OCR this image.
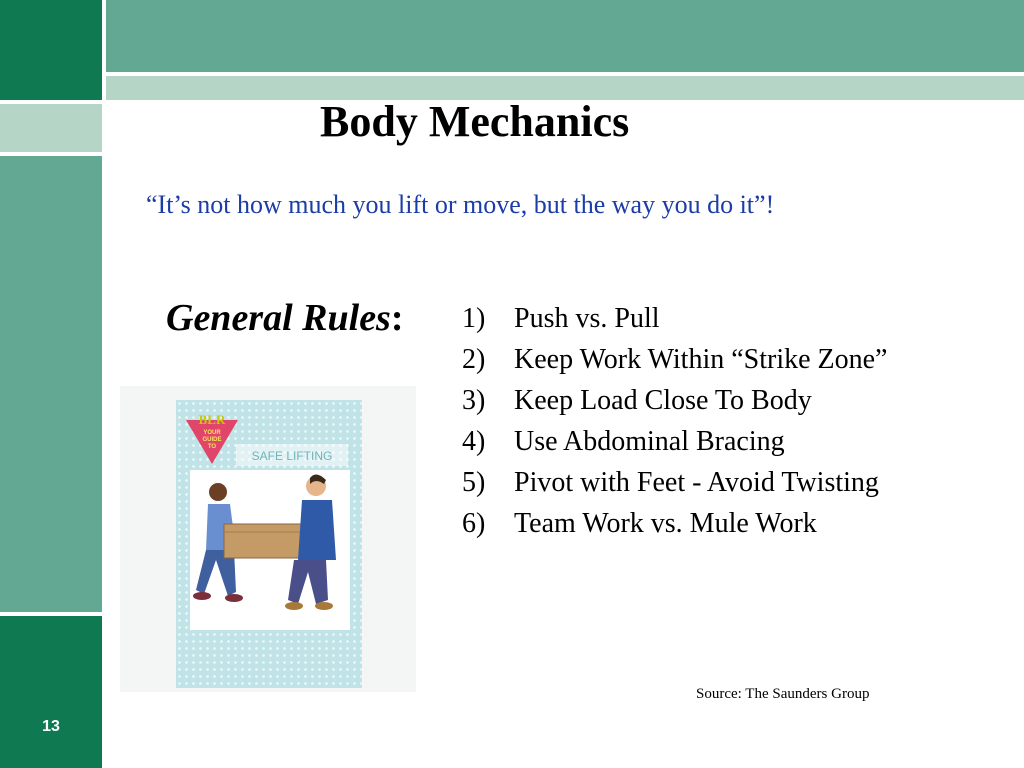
13
Body Mechanics
“It’s not how much you lift or move, but the way you do it”!
General Rules: 1) Push vs. Pull
2) Keep Work Within “Strike Zone”
3) Keep Load Close To Body
4) Use Abdominal Bracing
5) Pivot with Feet - Avoid Twisting
6) Team Work vs. Mule Work
Source: The Saunders Group
SAFE LIFTING
BLR
YOUR
GUIDE
TO
